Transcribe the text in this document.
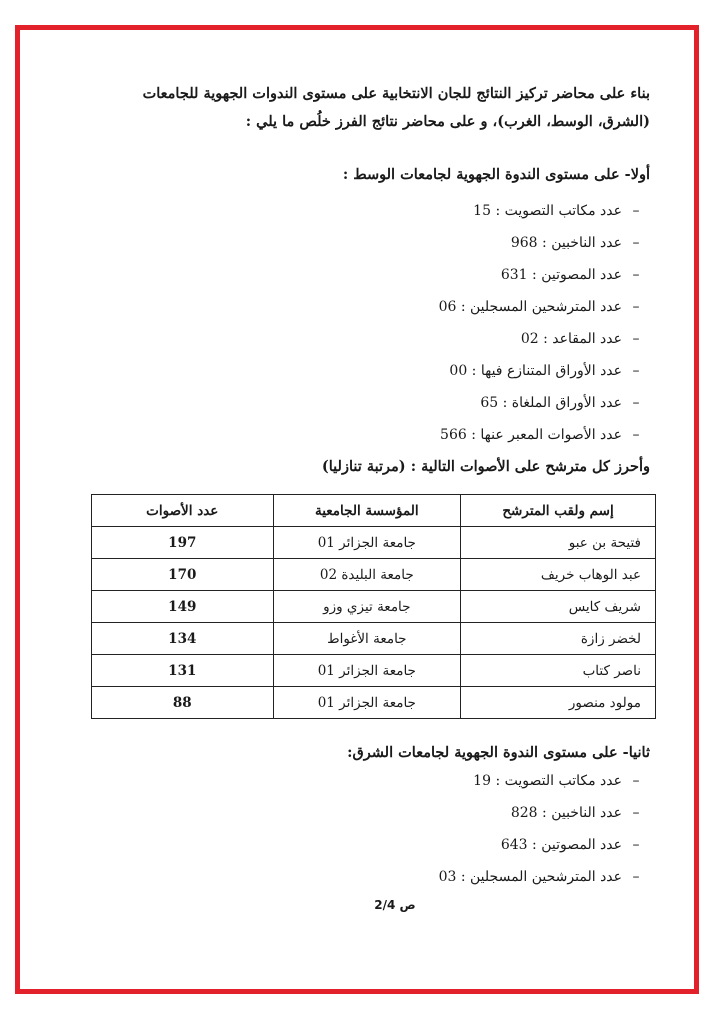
بناء على محاضر تركيز النتائج للجان الانتخابية على مستوى الندوات الجهوية للجامعات
(الشرق، الوسط، الغرب)، و على محاضر نتائج الفرز خلُص ما يلي :
أولا- على مستوى الندوة الجهوية لجامعات الوسط :
–عدد مكاتب التصويت : 15
–عدد الناخبين : 968
–عدد المصوتين : 631
–عدد المترشحين المسجلين : 06
–عدد المقاعد : 02
–عدد الأوراق المتنازع فيها : 00
–عدد الأوراق الملغاة : 65
–عدد الأصوات المعبر عنها : 566
وأحرز كل مترشح على الأصوات التالية : (مرتبة تنازليا)
إسم ولقب المترشح	المؤسسة الجامعية	عدد الأصوات
فتيحة بن عبو	جامعة الجزائر 01	197
عبد الوهاب خريف	جامعة البليدة 02	170
شريف كايس	جامعة تيزي وزو	149
لخضر زازة	جامعة الأغواط	134
ناصر كتاب	جامعة الجزائر 01	131
مولود منصور	جامعة الجزائر 01	88
ثانيا- على مستوى الندوة الجهوية لجامعات الشرق:
–عدد مكاتب التصويت : 19
–عدد الناخبين : 828
–عدد المصوتين : 643
–عدد المترشحين المسجلين : 03
ص 2/4
